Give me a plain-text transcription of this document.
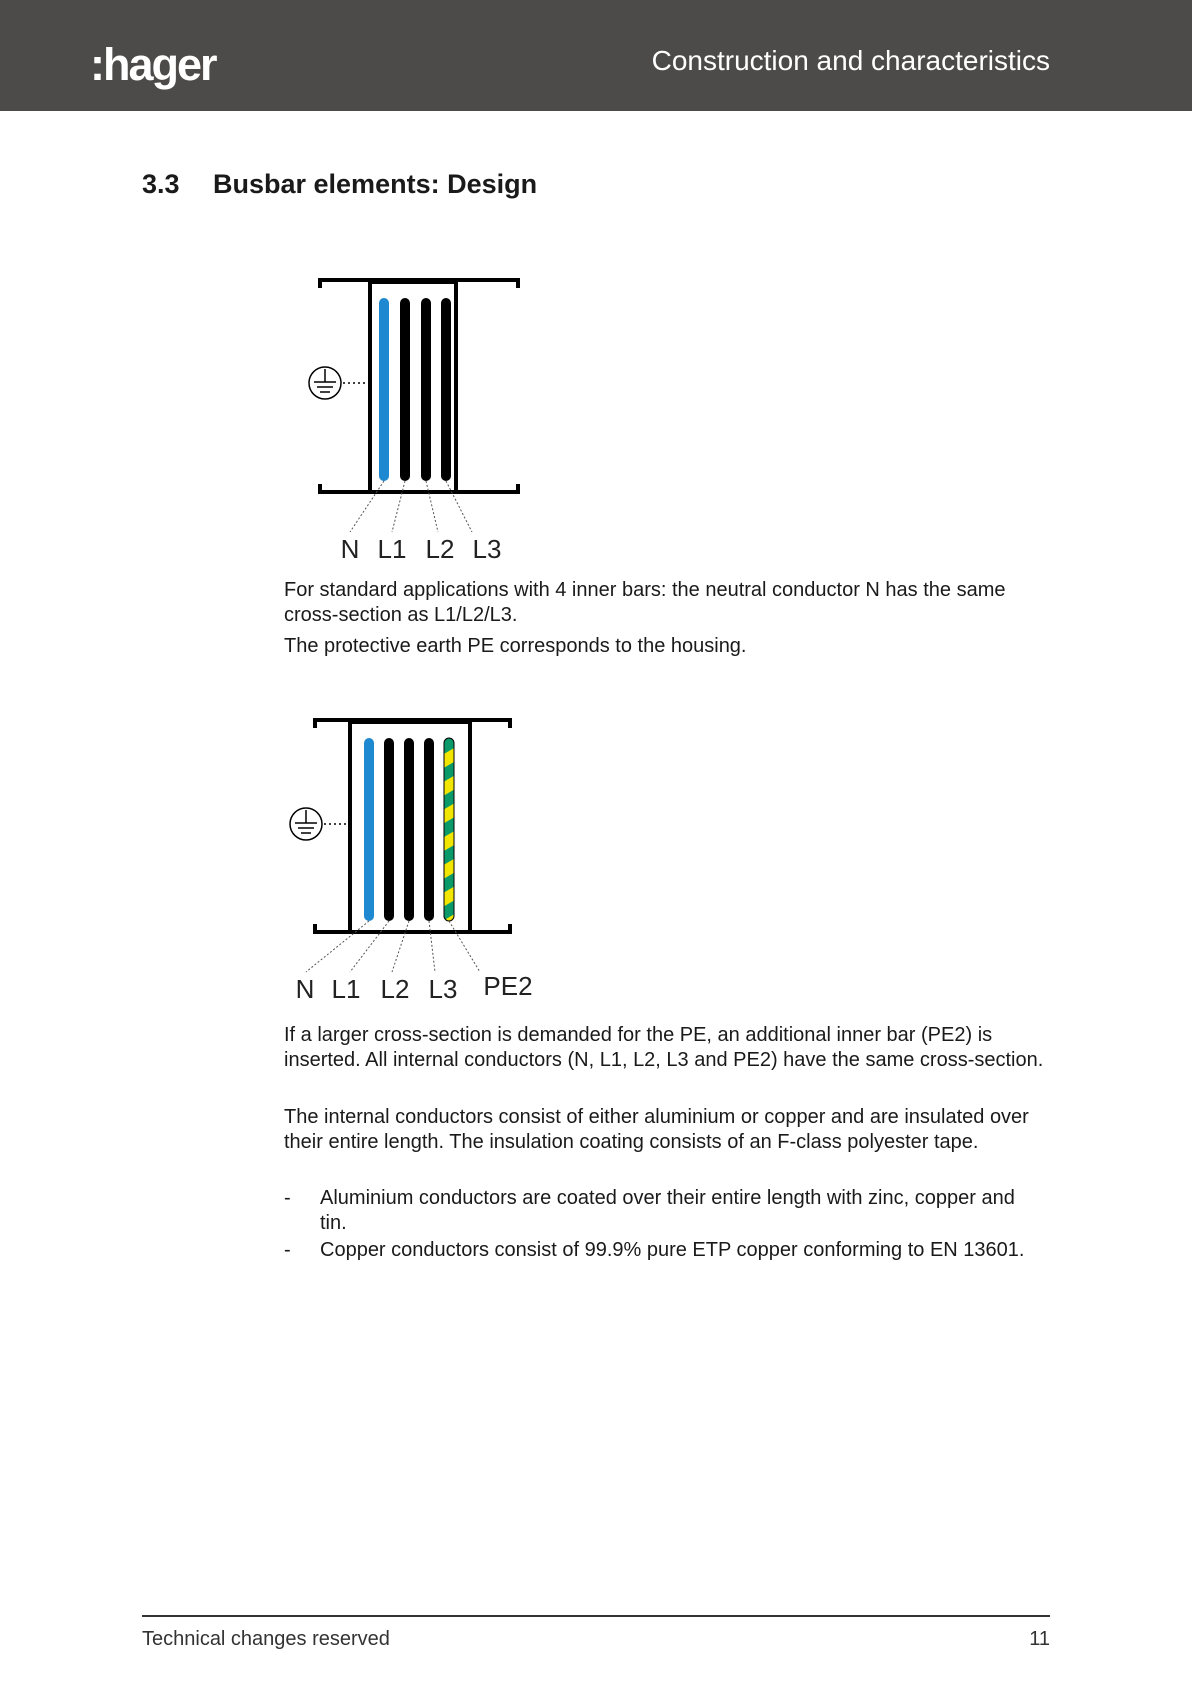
:hager	Construction and characteristics
3.3 Busbar elements: Design
N L1 L2 L3
For standard applications with 4 inner bars: the neutral conductor N has the same cross-section as L1/L2/L3.
The protective earth PE corresponds to the housing.
N L1 L2 L3 PE2
If a larger cross-section is demanded for the PE, an additional inner bar (PE2) is inserted. All internal conductors (N, L1, L2, L3 and PE2) have the same cross-section.
The internal conductors consist of either aluminium or copper and are insulated over their entire length. The insulation coating consists of an F-class polyester tape.
-	Aluminium conductors are coated over their entire length with zinc, copper and tin.
-	Copper conductors consist of 99.9% pure ETP copper conforming to EN 13601.
Technical changes reserved	11
